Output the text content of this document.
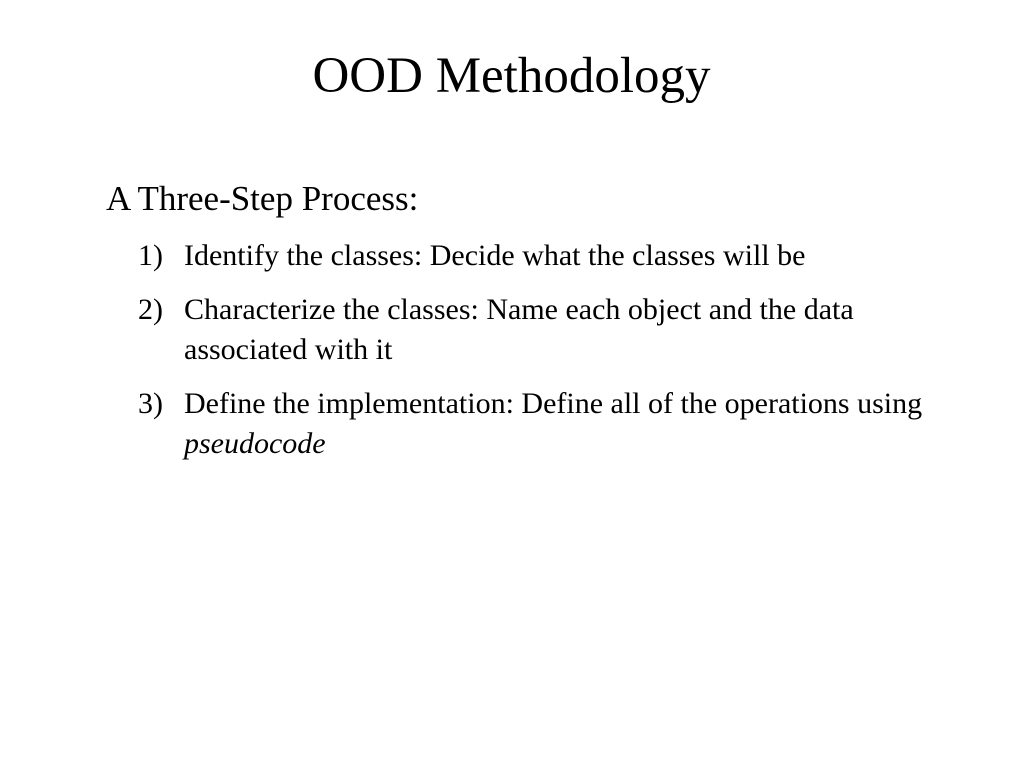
OOD Methodology
A Three-Step Process:
1) Identify the classes: Decide what the classes will be
2) Characterize the classes: Name each object and the data associated with it
3) Define the implementation: Define all of the operations using pseudocode
